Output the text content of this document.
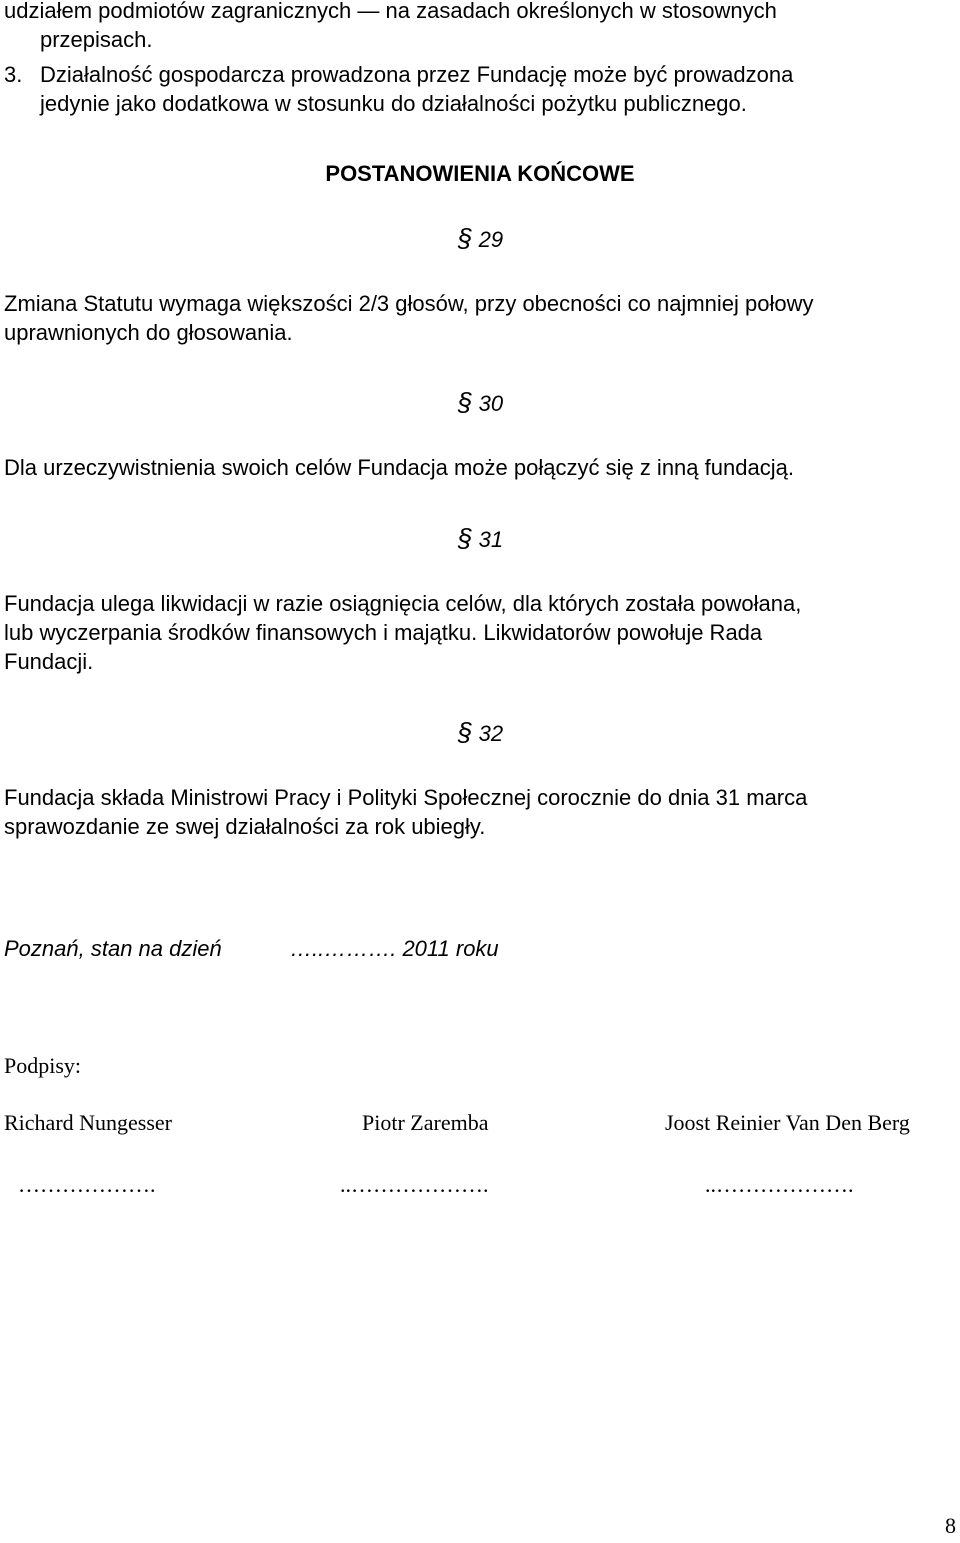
udziałem podmiotów zagranicznych — na zasadach określonych w stosownych
przepisach.
3. Działalność gospodarcza prowadzona przez Fundację może być prowadzona
jedynie jako dodatkowa w stosunku do działalności pożytku publicznego.
POSTANOWIENIA KOŃCOWE
§ 29
Zmiana Statutu wymaga większości 2/3 głosów, przy obecności co najmniej połowy
uprawnionych do głosowania.
§ 30
Dla urzeczywistnienia swoich celów Fundacja może połączyć się z inną fundacją.
§ 31
Fundacja ulega likwidacji w razie osiągnięcia celów, dla których została powołana,
lub wyczerpania środków finansowych i majątku. Likwidatorów powołuje Rada
Fundacji.
§ 32
Fundacja składa Ministrowi Pracy i Polityki Społecznej corocznie do dnia 31 marca
sprawozdanie ze swej działalności za rok ubiegły.
Poznań, stan na dzień	…..………. 2011 roku
Podpisy:
Richard Nungesser	Piotr Zaremba	Joost Reinier Van Den Berg
……………….	..……………….	..……………….
8
